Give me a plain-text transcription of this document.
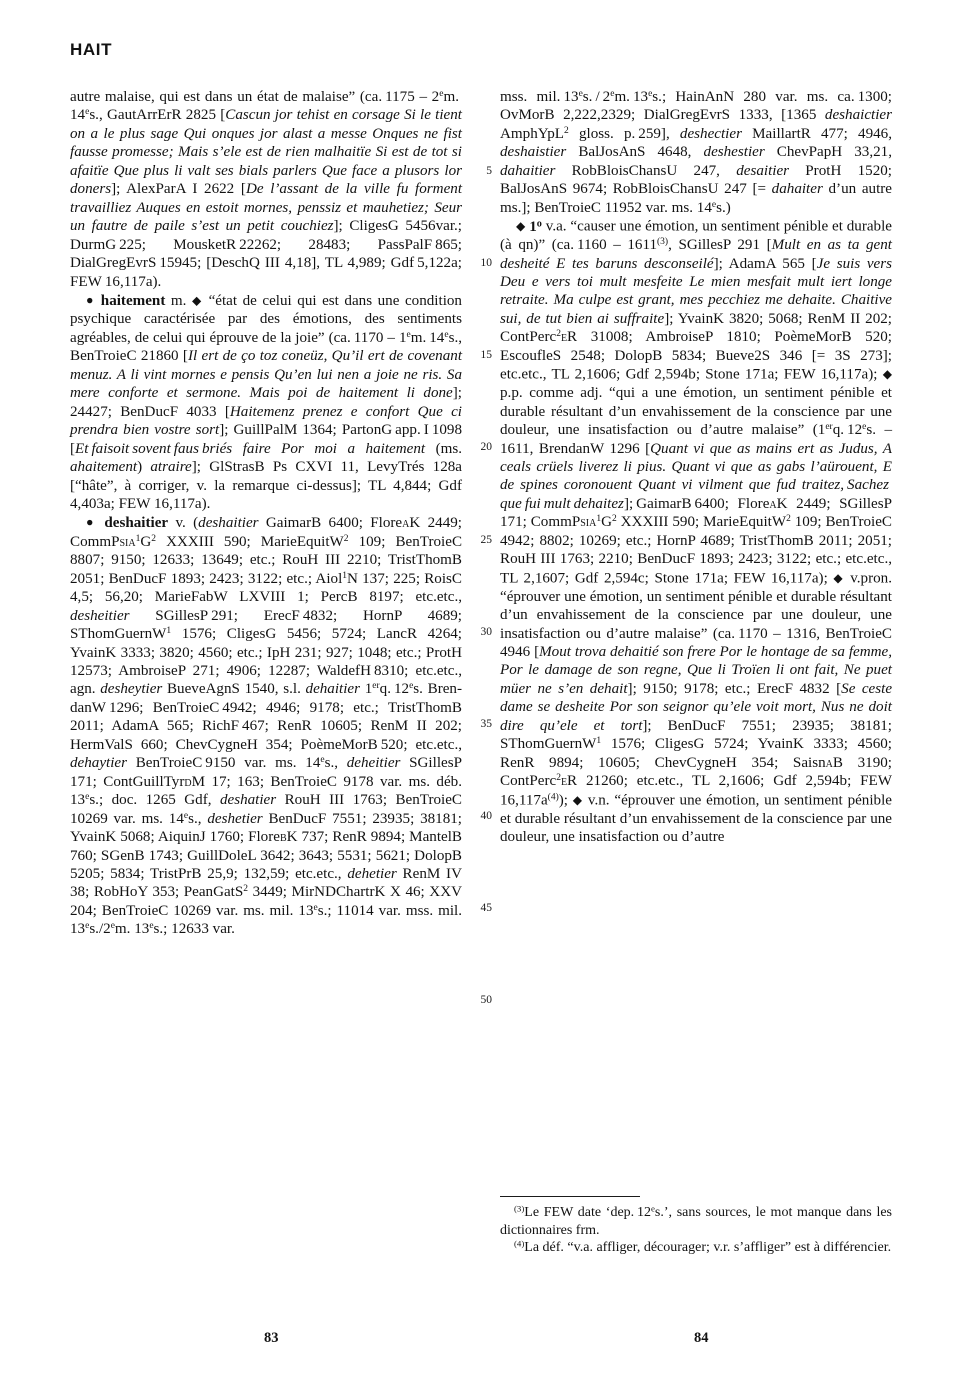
HAIT

5

10

15

20

25

30

35

40

45

50

autre malaise, qui est dans un état de malaise” (ca. 1175 – 2em. 14es., GautArrErR 2825 [Cascun jor tehist en corsage Si le tient on a le plus sage Qui onques jor alast a messe Onques ne fist fausse promesse; Mais s’ele est de rien malhaitïe Si est de tot si afaitïe Que plus li valt ses bials parlers Que face a plusors lor doners]; AlexParA I 2622 [De l’assant de la ville fu forment travailliez Auques en estoit mornes, penssiz et mauhetiez; Seur un fautre de paile s’est un petit couchiez]; CligesG 5456var.; DurmG 225; MousketR 22262; 28483; PassPalF 865; DialGregEvrS 15945; [DeschQ III 4,18], TL 4,989; Gdf 5,122a; FEW 16,117a).

● haitement m. ◆ “état de celui qui est dans une condition psychique caractérisée par des émotions, des sentiments agréables, de celui qui éprouve de la joie” (ca. 1170 – 1em. 14es., BenTroieC 21860 [Il ert de ço toz coneüz, Qu’il ert de covenant menuz. A li vint mornes e pensis Qu’en lui nen a joie ne ris. Sa mere conforte et sermone. Mais poi de haitement li done]; 24427; BenDucF 4033 [Haitemenz prenez e confort Que ci prendra bien vostre sort]; GuillPalM 1364; PartonG app. I 1098 [Et faisoit sovent faus briés faire Por moi a haitement (ms. ahaitement) atraire]; GlStrasB Ps CXVI 11, LevyTrés 128a [“hâte”, à corriger, v. la remarque ci-dessus]; TL 4,844; Gdf 4,403a; FEW 16,117a).

● deshaitier v. (deshaitier GaimarB 6400; FloreaK 2449; $CommPsia^1G^2$ XXXIII 590; MarieEquitW$^2$ 109; BenTroieC 8807; 9150; 12633; 13649; etc.; RouH III 2210; TristThomB 2051; BenDucF 1893; 2423; 3122; etc.; Aiol$^1$N 137; 225; RoisC 4,5; 56,20; MarieFabW LXVIII 1; PercB 8197; etc.etc., desheitier SGillesP 291; ErecF 4832; HornP 4689; SThomGuernW$^1$ 1576; CligesG 5456; 5724; LancR 4264; YvainK 3333; 3820; 4560; etc.; IpH 231; 927; 1048; etc.; ProtH 12573; AmbroiseP 271; 4906; 12287; WaldefH 8310; etc.etc., agn. desheytier BueveAgnS 1540, s.l. dehaitier 1erq. 12es. BrendanW 1296; BenTroieC 4942; 4946; 9178; etc.; TristThomB 2011; AdamA 565; RichF 467; RenR 10605; RenM II 202; HermValS 660; ChevCygneH 354; PoèmeMorB 520; etc.etc., dehaytier BenTroieC 9150 var. ms. 14es., deheitier SGillesP 171; ContGuillTyrdM 17; 163; BenTroieC 9178 var. ms. déb. 13es.; doc. 1265 Gdf, deshatier RouH III 1763; BenTroieC 10269 var. ms. 14es., deshetier BenDucF 7551; 23935; 38181; YvainK 5068; AiquinJ 1760; FlorebK 737; RenR 9894; MantelB 760; SGenB 1743; GuillDoleL 3642; 3643; 5531; 5621; DolopB 5205; 5834; TristPrB 25,9; 132,59; etc.etc., dehetier RenM IV 38; RobHoY 353; PeanGatS$^2$ 3449; MirNDChartrK X 46; XXV 204; BenTroieC 10269 var. ms. mil. 13es.; 11014 var. mss. mil. 13es./2em. 13es.; 12633 var.

mss. mil. 13es. / 2em. 13es.; HainAnN 280 var. ms. ca. 1300; OvMorB 2,222,2329; DialGregEvrS 1333, [1365 deshaictier AmphYpL$^2$ gloss. p. 259], deshectier MaillartR 477; 4946, deshaistier BalJosAnS 4648, deshestier ChevPapH 33,21, dahaitier RobBloisChansU 247, desaitier ProtH 1520; BalJosAnS 9674; RobBloisChansU 247 [= dahaiter d’un autre ms.]; BenTroieC 11952 var. ms. 14es.)

◆ 1$^o$ v.a. “causer une émotion, un sentiment pénible et durable (à qn)” (ca. 1160 – 1611$^{(3)}$, SGillesP 291 [Mult en as ta gent desheité E tes baruns desconseilé]; AdamA 565 [Je suis vers Deu e vers toi mult mesfeite Le mien mesfait mult iert longe retraite. Ma culpe est grant, mes pecchiez me dehaite. Chaitive sui, de tut bien ai suffraite]; YvainK 3820; 5068; RenM II 202; ContPerc$^2$eR 31008; AmbroiseP 1810; PoèmeMorB 520; EscoufleS 2548; DolopB 5834; Bueve2S 346 [= 3S 273]; etc.etc., TL 2,1606; Gdf 2,594b; Stone 171a; FEW 16,117a); ◆ p.p. comme adj. “qui a une émotion, un sentiment pénible et durable résultant d’un envahissement de la conscience par une douleur, une insatisfaction ou d’autre malaise” (1erq. 12es. – 1611, BrendanW 1296 [Quant vi que as mains ert as Judus, A ceals crüels liverez li pius. Quant vi que as gabs l’aürouent, E de spines coronouent Quant vi vilment que fud traitez, Sachez que fui mult dehaitez]; GaimarB 6400; FloreaK 2449; SGillesP 171; $CommPsia^1G^2$ XXXIII 590; MarieEquitW$^2$ 109; BenTroieC 4942; 8802; 10269; etc.; HornP 4689; TristThomB 2011; 2051; RouH III 1763; 2210; BenDucF 1893; 2423; 3122; etc.; etc.etc., TL 2,1607; Gdf 2,594c; Stone 171a; FEW 16,117a); ◆ v.pron. “éprouver une émotion, un sentiment pénible et durable résultant d’un envahissement de la conscience par une douleur, une insatisfaction ou d’autre malaise” (ca. 1170 – 1316, BenTroieC 4946 [Mout trova dehaitié son frere Por le hontage de sa femme, Por le damage de son regne, Que li Troïen li ont fait, Ne puet müer ne s’en dehait]; 9150; 9178; etc.; ErecF 4832 [Se ceste dame se desheite Por son seignor qu’ele voit mort, Nus ne doit dire qu’ele et tort]; BenDucF 7551; 23935; 38181; SThomGuernW$^1$ 1576; CligesG 5724; YvainK 3333; 4560; RenR 9894; 10605; ChevCygneH 354; SaisnaB 3190; ContPerc$^2$eR 21260; etc.etc., TL 2,1606; Gdf 2,594b; FEW $16,117a^{(4)}$); ◆ v.n. “éprouver une émotion, un sentiment pénible et durable résultant d’un envahissement de la conscience par une douleur, une insatisfaction ou d’autre

$^{(3)}$Le FEW date ‘dep. 12es.’, sans sources, le mot manque dans les dictionnaires frm.

$^{(4)}$La déf. “v.a. affliger, décourager; v.r. s’affliger” est à différencier.

83	84
